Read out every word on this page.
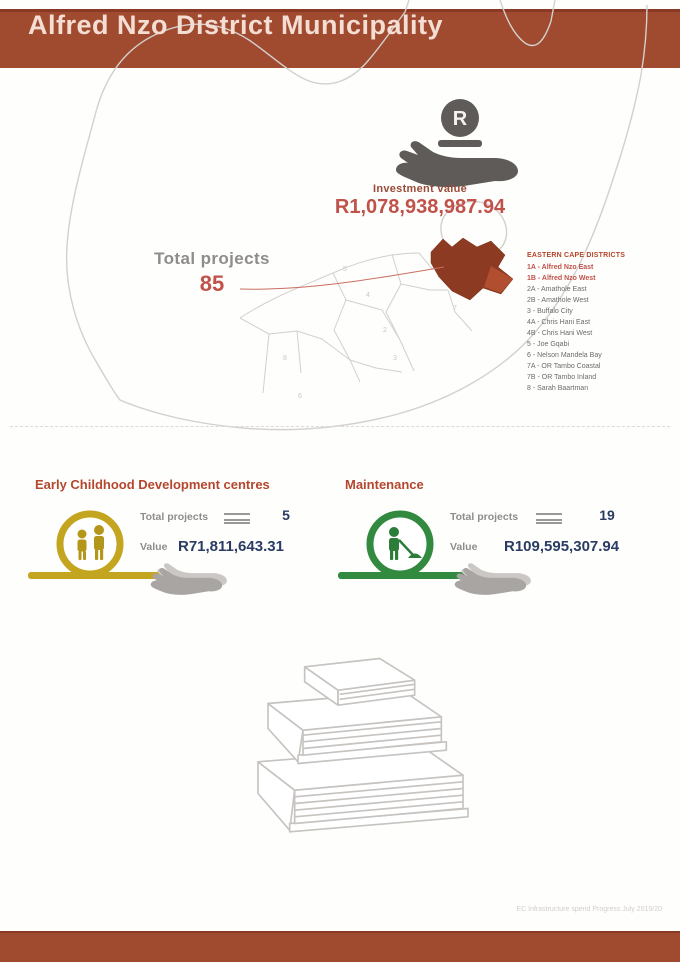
Alfred Nzo District Municipality
5
4
2
3
8
7
6
R
Investment value
R1,078,938,987.94
Total projects
85
EASTERN CAPE DISTRICTS
1A - Alfred Nzo East
1B - Alfred Nzo West
2A - Amathole East
2B - Amathole West
3 - Buffalo City
4A - Chris Hani East
4B - Chris Hani West
5 - Joe Gqabi
6 - Nelson Mandela Bay
7A - OR Tambo Coastal
7B - OR Tambo Inland
8 - Sarah Baartman
Early Childhood Development centres
Total projects	5
Value R71,811,643.31
Maintenance
Total projects	19
Value R109,595,307.94
EC Infrastructure spend Progress July 2019/20
